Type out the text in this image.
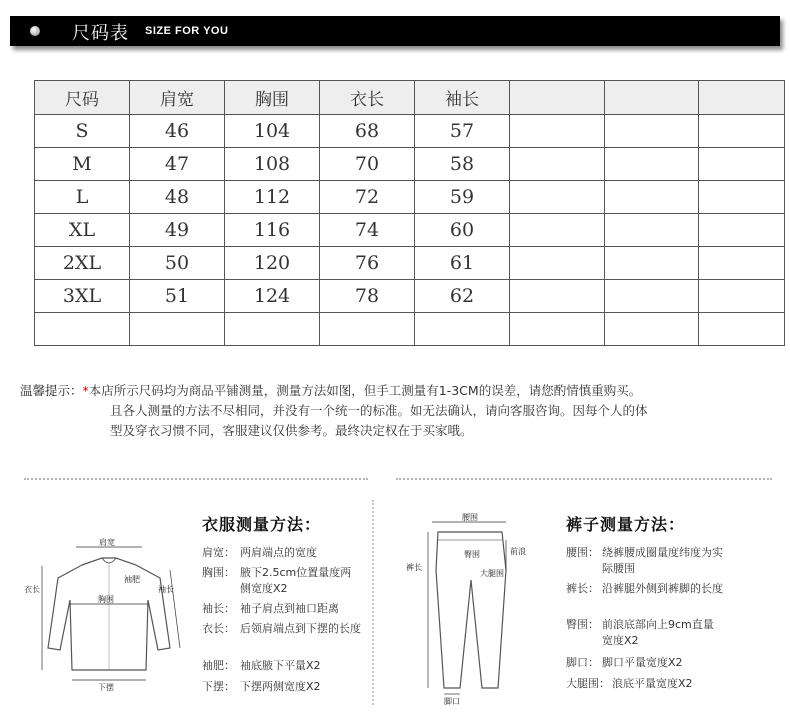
尺码表 SIZE FOR YOU
尺码	肩宽	胸围	衣长	袖长			
S	46	104	68	57			
M	47	108	70	58			
L	48	112	72	59			
XL	49	116	74	60			
2XL	50	120	76	61			
3XL	51	124	78	62			

温馨提示：*本店所示尺码均为商品平铺测量，测量方法如图，但手工测量有1-3CM的误差，请您酌情慎重购买。
且各人测量的方法不尽相同，并没有一个统一的标准。如无法确认，请向客服咨询。因每个人的体
型及穿衣习惯不同，客服建议仅供参考。最终决定权在于买家哦。
肩宽
胸围
衣长	袖长
袖肥
下摆
衣服测量方法：
肩宽： 两肩端点的宽度
胸围： 腋下2.5cm位置量度两侧宽度X2
袖长： 袖子肩点到袖口距离
衣长： 后领肩端点到下摆的长度
袖肥： 袖底腋下平量X2
下摆： 下摆两侧宽度X2
腰围
前浪
臀围
裤长
大腿围
脚口
裤子测量方法：
腰围： 绕裤腰成圈量度纬度为实际腰围
裤长： 沿裤腿外侧到裤脚的长度
臀围： 前浪底部向上9cm直量宽度X2
脚口： 脚口平量宽度X2
大腿围： 浪底平量宽度X2
